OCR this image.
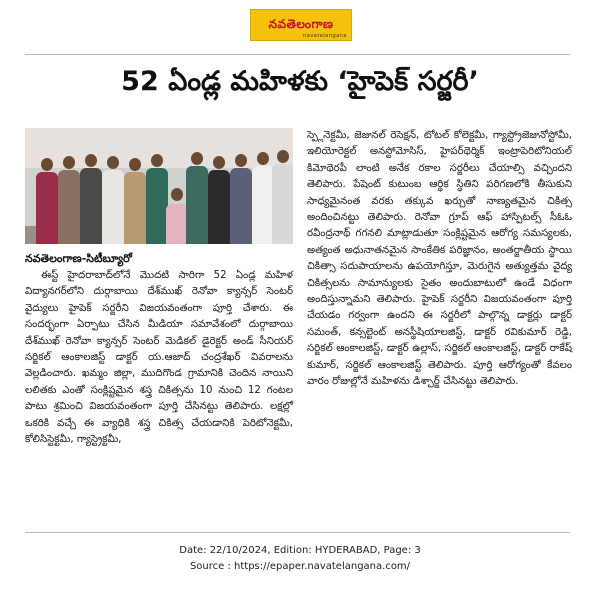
నవతెలంగాణ
navatelangana
52 ఏండ్ల మహిళకు ‘హైపెక్ సర్జరీ’
నవతెలంగాణ-సిటీబ్యూరో

ఈస్ట్ హైదరాబాద్‌లోనే మొదటి సారిగా 52 ఏండ్ల మహిళ విద్యానగర్‌లోని దుర్గాబాయి దేశ్‌ముఖ్ రెనోవా క్యాన్సర్ సెంటర్ వైద్యులు హైపెక్ సర్జరీని విజయవంతంగా పూర్తి చేశారు. ఈ సందర్భంగా ఏర్పాటు చేసిన మీడియా సమావేశంలో దుర్గాబాయి దేశ్‌ముఖ్ రెనోవా క్యాన్సర్ సెంటర్ మెడికల్ డైరెక్టర్ అండ్ సీనియర్ సర్జికల్ ఆంకాలజిస్ట్ డాక్టర్ య.ఆజాద్ చంద్రశేఖర్ వివరాలను వెల్లడించారు. ఖమ్మం జిల్లా, ముదిగొండ గ్రామానికి చెందిన నాయిని లలితకు ఎంతో సంక్లిష్టమైన శస్త్ర చికిత్సను 10 నుంచి 12 గంటల పాటు శ్రమించి విజయవంతంగా పూర్తి చేసినట్టు తెలిపారు. లక్షల్లో ఒకరికి వచ్చే ఈ వ్యాధికి శస్త్ర చికిత్స చేయడానికి పెరిటోనెక్టమీ, కోలిసిస్టెక్టమీ, గ్యాస్ట్రెక్టమీ,

స్ప్లెనెక్టమీ, జెజునల్ రెసెక్షన్, టోటల్ కోలెక్టమీ, గ్యాస్ట్రోజెజునోస్టోమీ, ఇలియోరెక్టల్ అనస్టోమోసిస్, హైపర్‌థెర్మిక్ ఇంట్రాపెరిటోనియల్ కిమోథెరపీ లాంటి అనేక రకాల సర్జరీలు చేయాల్సి వచ్చిందని తెలిపారు. పేషెంట్ కుటుంబ ఆర్థిక స్థితిని పరిగణలోకి తీసుకుని సాధ్యమైనంత వరకు తక్కువ ఖర్చుతో నాణ్యతమైన చికిత్స అందించినట్టు తెలిపారు. రెనోవా గ్రూప్ ఆఫ్ హాస్పిటల్స్ సీఓఓ రవీంద్రనాథ్ గగనలి మాట్లాడుతూ సంక్లిష్టమైన ఆరోగ్య సమస్యలకు, అత్యంత అధునాతనమైన సాంకేతిక పరిజ్ఞానం, అంతర్జాతీయ స్థాయి చికిత్సా సదుపాయాలను ఉపయోగిస్తూ, మెరుగైన అత్యుత్తమ వైద్య చికిత్సలను సామాన్యులకు సైతం అందుబాటులో ఉండే విధంగా అందిస్తున్నామని తెలిపారు. హైపెక్ సర్జరీని విజయవంతంగా పూర్తి చేయడం గర్వంగా ఉందని ఈ సర్జరీలో పాల్గొన్న డాక్టర్లు డాక్టర్ సమంత్, కన్సల్టెంట్ అనస్థీషియాలజిస్ట్, డాక్టర్ రవికుమార్ రెడ్డి, సర్జికల్ ఆంకాలజిస్ట్, డాక్టర్ ఉల్లాస్, సర్జికల్ ఆంకాలజిస్ట్, డాక్టర్ రాకేష్ కుమార్, సర్జికల్ ఆంకాలజిస్ట్ తెలిపారు. పూర్తి ఆరోగ్యంతో కేవలం వారం రోజుల్లోనే మహిళను డిశ్చార్జ్ చేసినట్టు తెలిపారు.

Date: 22/10/2024, Edition: HYDERABAD, Page: 3
Source : https://epaper.navatelangana.com/
